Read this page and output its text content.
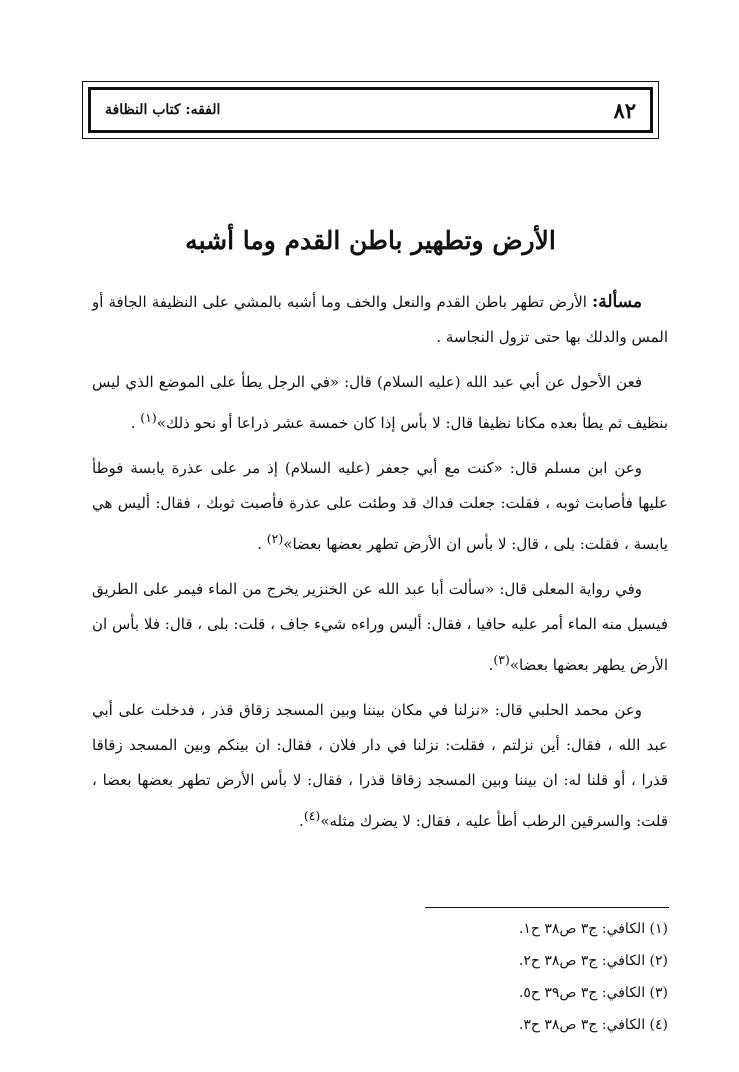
٨٢
الفقه: كتاب النظافة
الأرض وتطهير باطن القدم وما أشبه

مسألة: الأرض تطهر باطن القدم والنعل والخف وما أشبه بالمشي على النظيفة الجافة أو المس والدلك بها حتى تزول النجاسة .

فعن الأحول عن أبي عبد الله (عليه السلام) قال: «في الرجل يطأ على الموضع الذي ليس بنظيف ثم يطأ بعده مكانا نظيفا قال: لا بأس إذا كان خمسة عشر ذراعا أو نحو ذلك»$^{(١)}$ .

وعن ابن مسلم قال: «كنت مع أبي جعفر (عليه السلام) إذ مر على عذرة يابسة فوطأ عليها فأصابت ثوبه ، فقلت: جعلت فداك قد وطئت على عذرة فأصبت ثوبك ، فقال: أليس هي يابسة ، فقلت: بلى ، قال: لا بأس ان الأرض تطهر بعضها بعضا»$^{(٢)}$ .

وفي رواية المعلى قال: «سألت أبا عبد الله عن الخنزير يخرج من الماء فيمر على الطريق فيسيل منه الماء أمر عليه حافيا ، فقال: أليس وراءه شيء جاف ، قلت: بلى ، قال: فلا بأس ان الأرض يطهر بعضها بعضا»$^{(٣)}$.

وعن محمد الحلبي قال: «نزلنا في مكان بيننا وبين المسجد زقاق قذر ، فدخلت على أبي عبد الله ، فقال: أين نزلتم ، فقلت: نزلنا في دار فلان ، فقال: ان بينكم وبين المسجد زقاقا قذرا ، أو قلنا له: ان بيننا وبين المسجد زقاقا قذرا ، فقال: لا بأس الأرض تطهر بعضها بعضا ، قلت: والسرقين الرطب أطأ عليه ، فقال: لا يضرك مثله»$^{(٤)}$.

(١) الكافي: ج٣ ص٣٨ ح١.
(٢) الكافي: ج٣ ص٣٨ ح٢.
(٣) الكافي: ج٣ ص٣٩ ح٥.
(٤) الكافي: ج٣ ص٣٨ ح٣.
